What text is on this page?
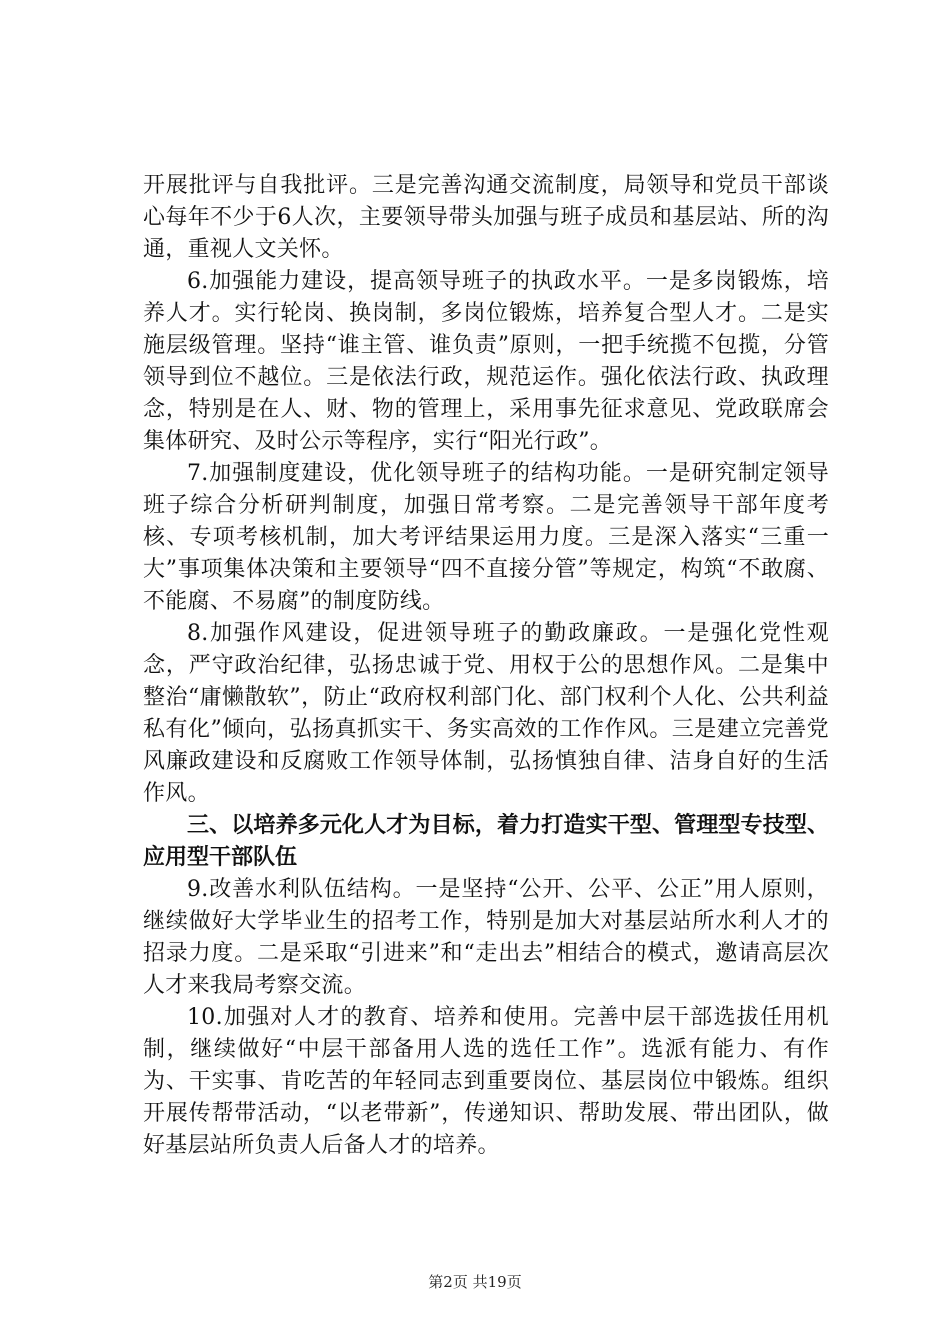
开展批评与自我批评。三是完善沟通交流制度，局领导和党员干部谈心每年不少于6人次，主要领导带头加强与班子成员和基层站、所的沟通，重视人文关怀。

6.加强能力建设，提高领导班子的执政水平。一是多岗锻炼，培养人才。实行轮岗、换岗制，多岗位锻炼，培养复合型人才。二是实施层级管理。坚持“谁主管、谁负责”原则，一把手统揽不包揽，分管领导到位不越位。三是依法行政，规范运作。强化依法行政、执政理念，特别是在人、财、物的管理上，采用事先征求意见、党政联席会集体研究、及时公示等程序，实行“阳光行政”。

7.加强制度建设，优化领导班子的结构功能。一是研究制定领导班子综合分析研判制度，加强日常考察。二是完善领导干部年度考核、专项考核机制，加大考评结果运用力度。三是深入落实“三重一大”事项集体决策和主要领导“四不直接分管”等规定，构筑“不敢腐、不能腐、不易腐”的制度防线。

8.加强作风建设，促进领导班子的勤政廉政。一是强化党性观念，严守政治纪律，弘扬忠诚于党、用权于公的思想作风。二是集中整治“庸懒散软”，防止“政府权利部门化、部门权利个人化、公共利益私有化”倾向，弘扬真抓实干、务实高效的工作作风。三是建立完善党风廉政建设和反腐败工作领导体制，弘扬慎独自律、洁身自好的生活作风。

三、以培养多元化人才为目标，着力打造实干型、管理型专技型、应用型干部队伍

9.改善水利队伍结构。一是坚持“公开、公平、公正”用人原则，继续做好大学毕业生的招考工作，特别是加大对基层站所水利人才的招录力度。二是采取“引进来”和“走出去”相结合的模式，邀请高层次人才来我局考察交流。

10.加强对人才的教育、培养和使用。完善中层干部选拔任用机制，继续做好“中层干部备用人选的选任工作”。选派有能力、有作为、干实事、肯吃苦的年轻同志到重要岗位、基层岗位中锻炼。组织开展传帮带活动，“以老带新”，传递知识、帮助发展、带出团队，做好基层站所负责人后备人才的培养。

第2页 共19页
